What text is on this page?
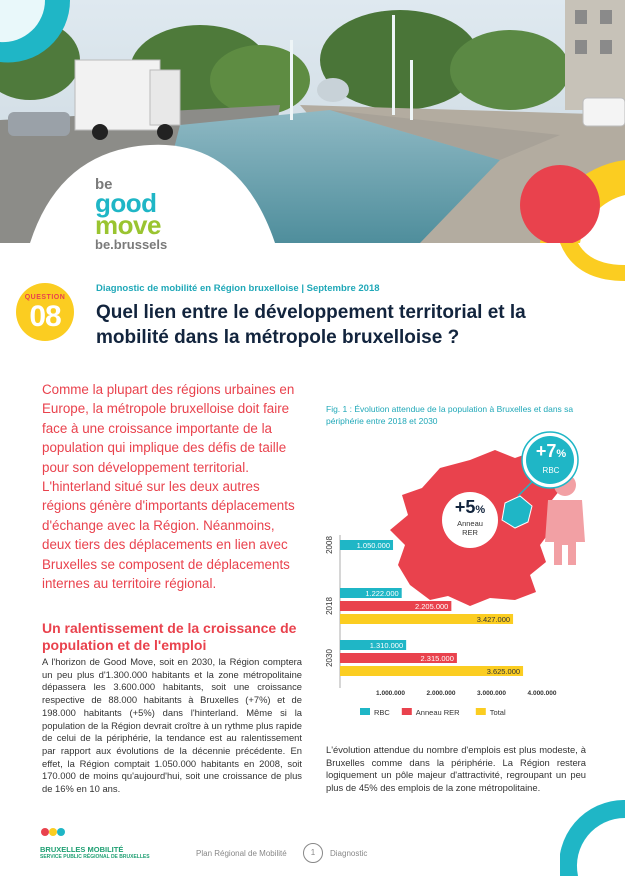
be
good
move
be.brussels
QUESTION
08
Diagnostic de mobilité en Région bruxelloise | Septembre 2018
Quel lien entre le développement territorial et la mobilité dans la métropole bruxelloise ?
Comme la plupart des régions urbaines en Europe, la métropole bruxelloise doit faire face à une croissance importante de la population qui implique des défis de taille pour son développement territorial. L'hinterland situé sur les deux autres régions génère d'importants déplacements d'échange avec la Région. Néanmoins, deux tiers des déplacements en lien avec Bruxelles se composent de déplacements internes au territoire régional.
Un ralentissement de la croissance de population et de l'emploi
A l'horizon de Good Move, soit en 2030, la Région comptera un peu plus d'1.300.000 habitants et la zone métropolitaine dépassera les 3.600.000 habitants, soit une croissance respective de 88.000 habitants à Bruxelles (+7%) et de 198.000 habitants (+5%) dans l'hinterland. Même si la population de la Région devrait croître à un rythme plus rapide de celui de la périphérie, la tendance est au ralentissement par rapport aux évolutions de la décennie précédente. En effet, la Région comptait 1.050.000 habitants en 2008, soit 170.000 de moins qu'aujourd'hui, soit une croissance de plus de 16% en 10 ans.
Fig. 1 : Évolution attendue de la population à Bruxelles et dans sa périphérie entre 2018 et 2030
1.050.000
2008
1.222.000
2.205.000
3.427.000
2018
1.310.000
2.315.000
3.625.000
2030
1.000.000	2.000.000	3.000.000	4.000.000
RBC	Anneau RER	Total
+7%
RBC
+5%
Anneau
RER
L'évolution attendue du nombre d'emplois est plus modeste, à Bruxelles comme dans la périphérie. La Région restera logiquement un pôle majeur d'attractivité, regroupant un peu plus de 45% des emplois de la zone métropolitaine.
BRUXELLES MOBILITÉ
SERVICE PUBLIC RÉGIONAL DE BRUXELLES	Plan Régional de Mobilité	1	Diagnostic
